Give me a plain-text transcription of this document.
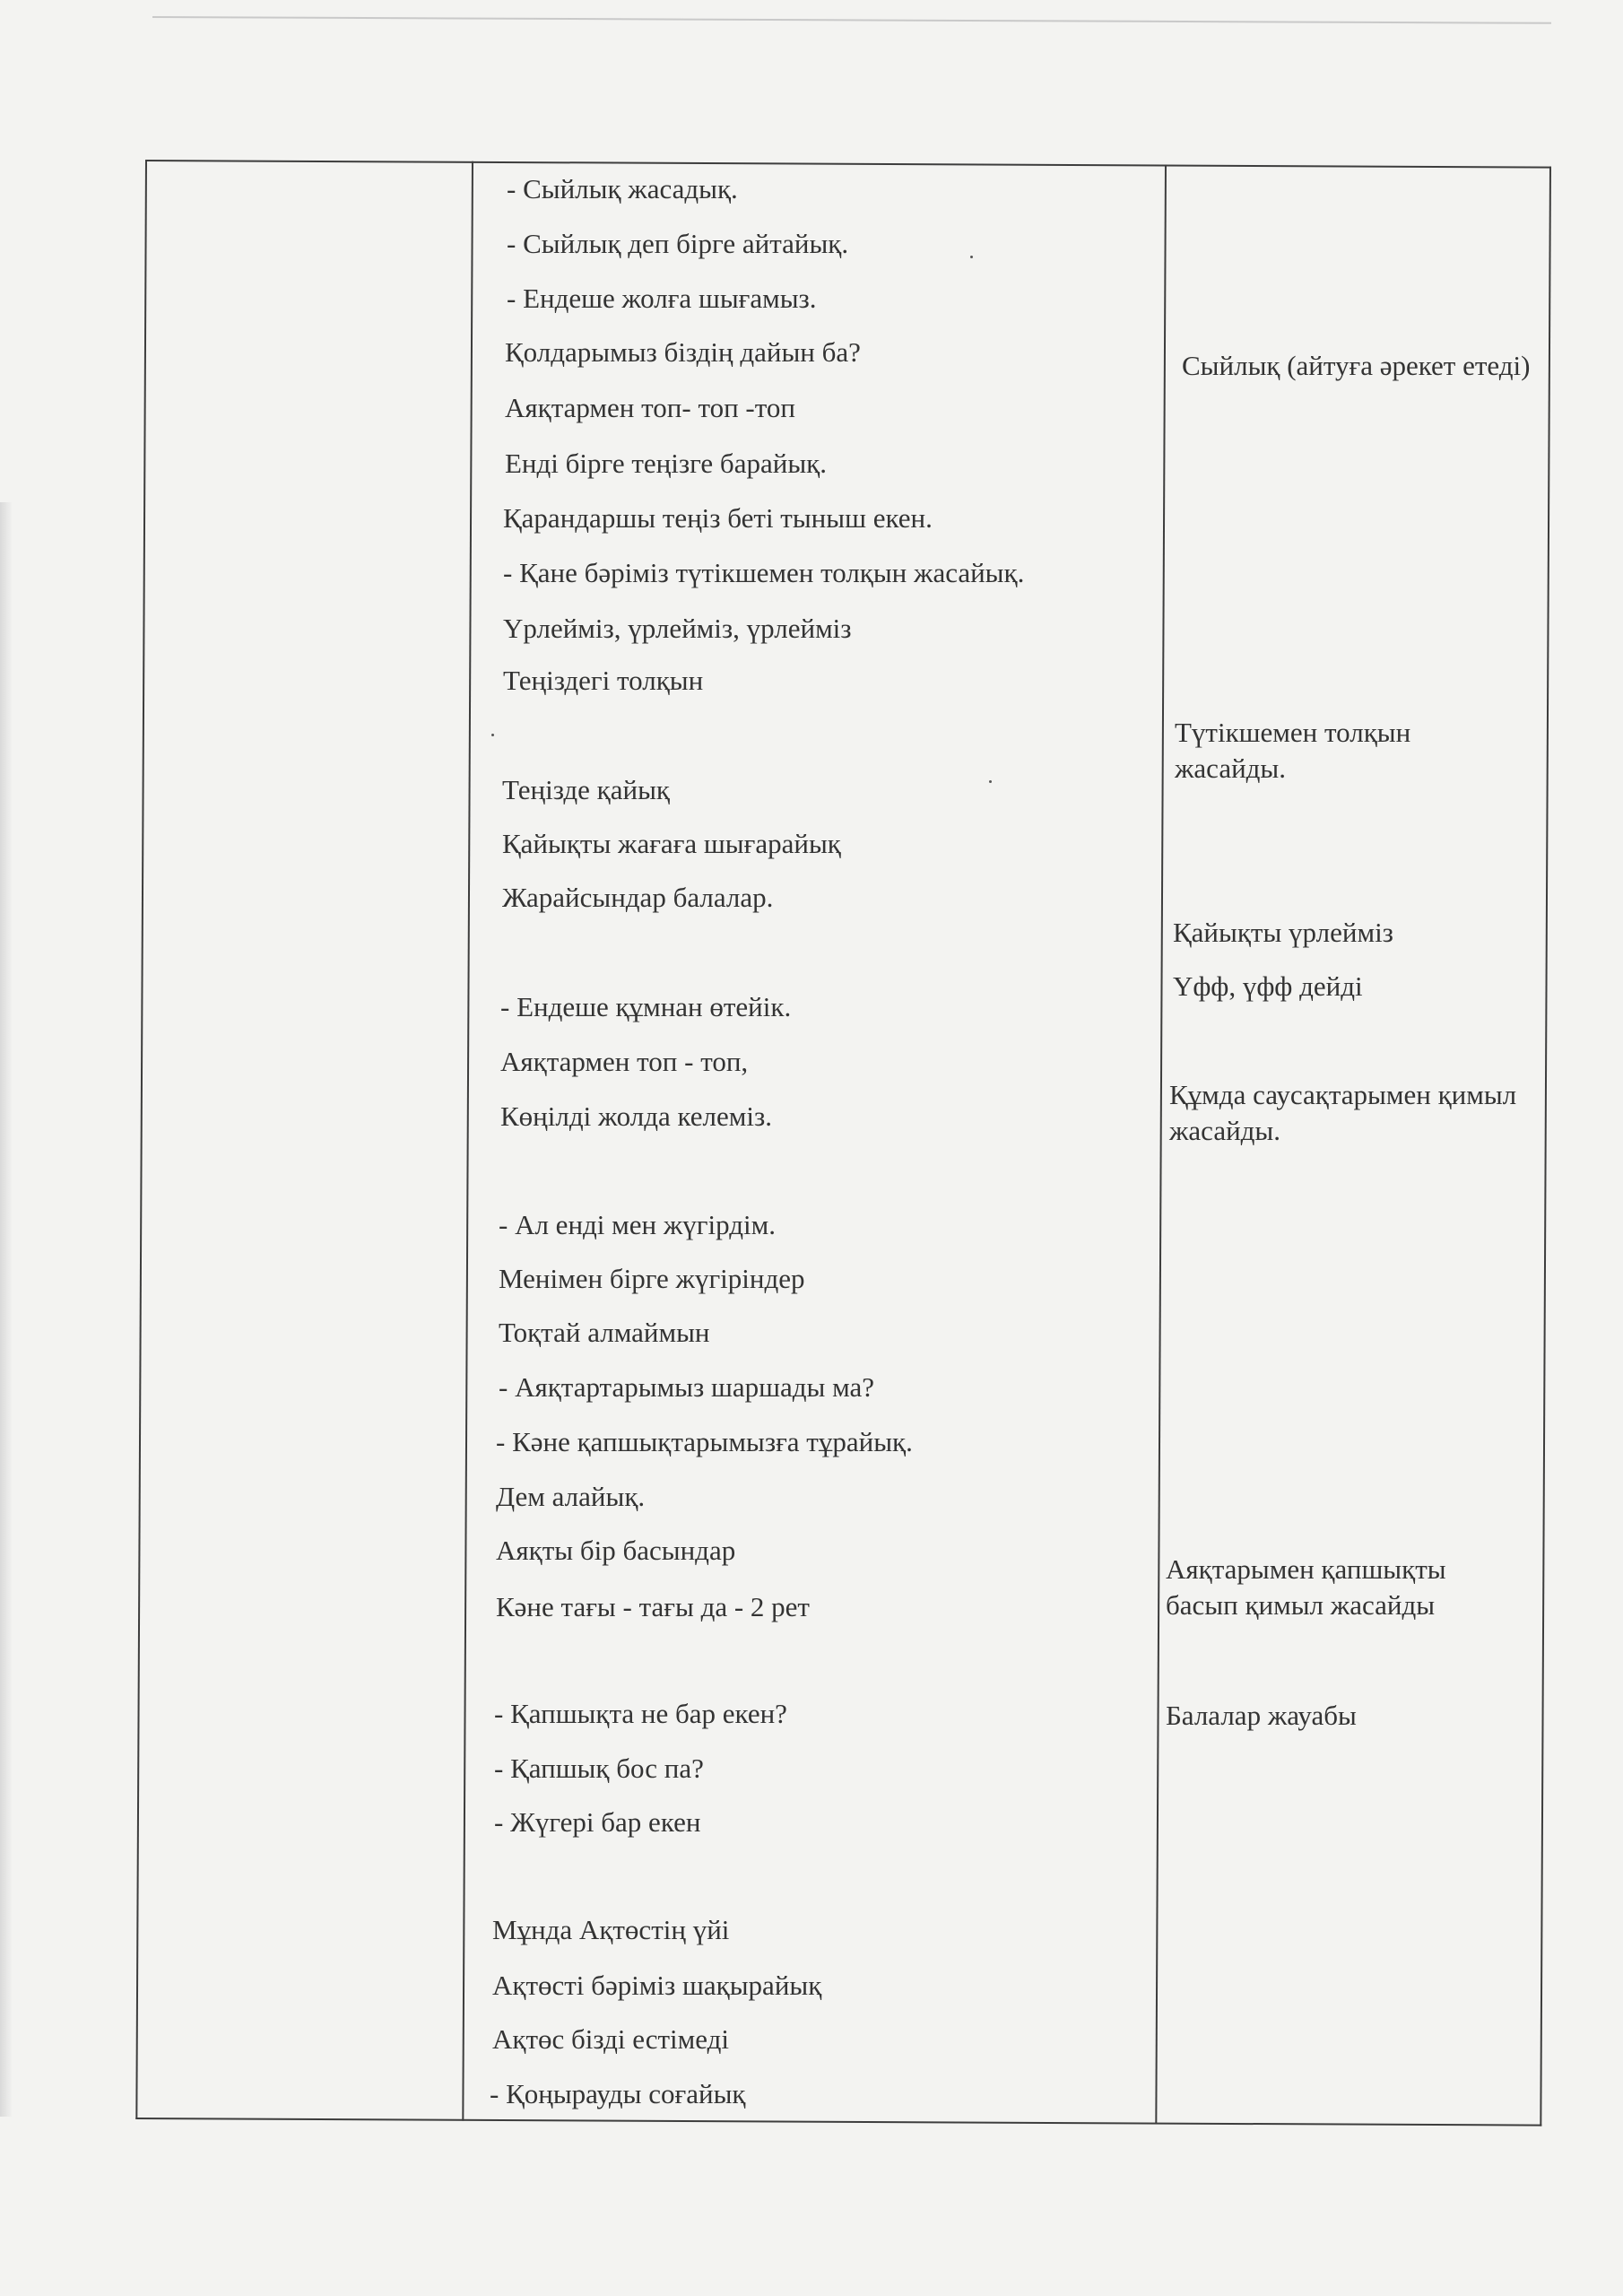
- Сыйлық жасадық.
- Сыйлық деп бірге айтайық.
- Ендеше жолға шығамыз.
Қолдарымыз біздің дайын ба?
Аяқтармен топ- топ -топ
Енді бірге теңізге барайық.
Қарандаршы теңіз беті тыныш екен.
- Қане бәріміз түтікшемен толқын жасайық.
Үрлейміз, үрлейміз, үрлейміз
Теңіздегі толқын
Теңізде қайық
Қайықты жағаға шығарайық
Жарайсындар балалар.
- Ендеше құмнан өтейік.
Аяқтармен топ - топ,
Көңілді жолда келеміз.
- Ал енді мен жүгірдім.
Менімен бірге жүгіріндер
Тоқтай алмаймын
- Аяқтартарымыз шаршады ма?
- Кәне қапшықтарымызға тұрайық.
Дем алайық.
Аяқты бір басындар
Кәне тағы - тағы да - 2 рет
- Қапшықта не бар екен?
- Қапшық бос па?
- Жүгері бар екен
Мұнда Ақтөстің үйі
Ақтөсті бәріміз шақырайық
Ақтөс бізді естімеді
- Қоңырауды соғайық
Сыйлық (айтуға әрекет етеді)
Түтікшемен толқын жасайды.
Қайықты үрлейміз
Үфф, үфф дейді
Құмда саусақтарымен қимыл жасайды.
Аяқтарымен қапшықты басып қимыл жасайды
Балалар жауабы
